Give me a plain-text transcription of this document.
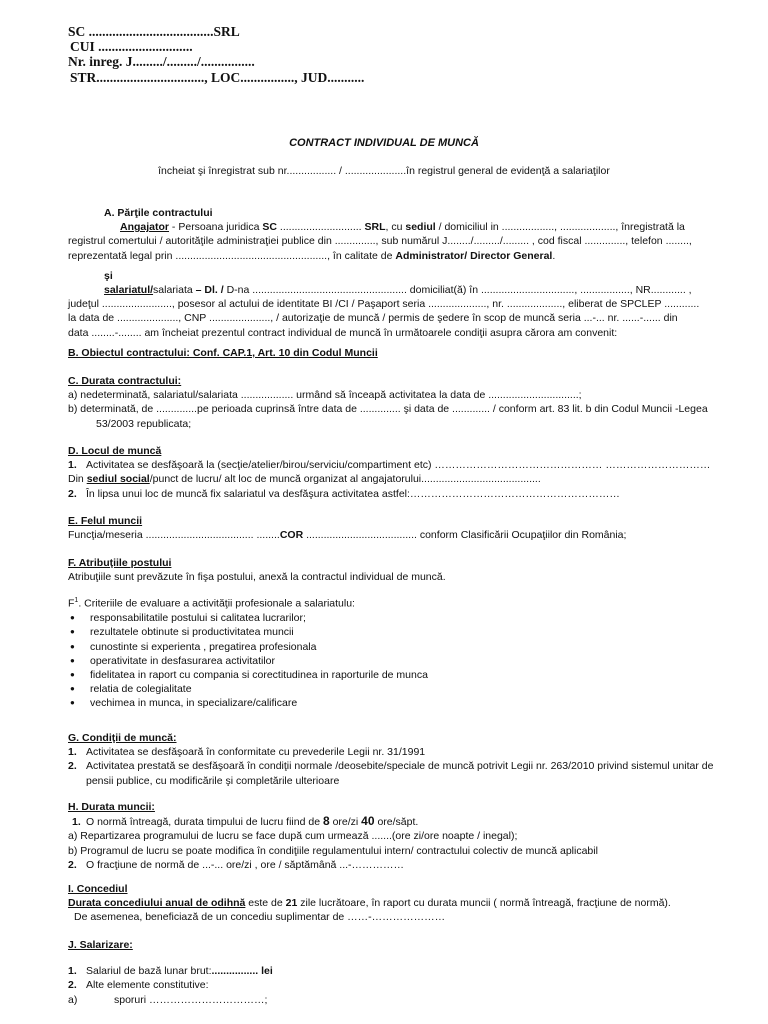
SC .....................................SRL
CUI ............................
Nr. inreg. J........./........./................
STR................................, LOC................, JUD...........
CONTRACT INDIVIDUAL DE MUNCĂ
încheiat şi înregistrat sub nr................. / .....................în registrul general de evidenţă a salariaţilor

A. Părţile contractului

Angajator - Persoana juridica SC ............................ SRL, cu sediul / domiciliul in .................., ..................., înregistrată la

registrul comertului / autorităţile administraţiei publice din .............., sub numărul J......../........./......... , cod fiscal .............., telefon ........,

reprezentată legal prin ...................................................., în calitate de Administrator/ Director General.

şi

salariatul/salariata – Dl. / D-na ..................................................... domiciliat(ă) în ................................, ................., NR............ ,

judeţul ........................, posesor al actului de identitate BI /CI / Paşaport seria ...................., nr. ..................., eliberat de SPCLEP ............

la data de ....................., CNP ....................., / autorizaţie de muncă / permis de şedere în scop de muncă seria ...-... nr. ......-...... din

data ........-........ am încheiat prezentul contract individual de muncă în următoarele condiţii asupra cărora am convenit:

B. Obiectul contractului: Conf. CAP.1, Art. 10 din Codul Muncii

C. Durata contractului:

a) nedeterminată, salariatul/salariata .................. urmând să înceapă activitatea la data de ...............................;

b) determinată, de ..............pe perioada cuprinsă între data de .............. şi data de ............. / conform art. 83 lit. b din Codul Muncii -Legea

53/2003 republicata;

D. Locul de muncă

1. Activitatea se desfăşoară la (secţie/atelier/birou/serviciu/compartiment etc) ………………………………………… …………………………

Din sediul social/punct de lucru/ alt loc de muncă organizat al angajatorului.........................................

2. În lipsa unui loc de muncă fix salariatul va desfăşura activitatea astfel:……………………………………………………

E. Felul muncii

Funcţia/meseria ..................................... ........COR ...................................... conform Clasificării Ocupaţiilor din România;

F. Atribuţiile postului

Atribuţiile sunt prevăzute în fişa postului, anexă la contractul individual de muncă.

$F^1$. Criteriile de evaluare a activităţii profesionale a salariatulu:

● responsabilitatile postului si calitatea lucrarilor;

● rezultatele obtinute si productivitatea muncii

● cunostinte si experienta , pregatirea profesionala

● operativitate in desfasurarea activitatilor

● fidelitatea in raport cu compania si corectitudinea in raporturile de munca

● relatia de colegialitate

● vechimea in munca, in specializare/calificare

G. Condiţii de muncă:

1. Activitatea se desfăşoară în conformitate cu prevederile Legii nr. 31/1991

2. Activitatea prestată se desfăşoară în condiţii normale /deosebite/speciale de muncă potrivit Legii nr. 263/2010 privind sistemul unitar de

pensii publice, cu modificările şi completările ulterioare

H. Durata muncii:

1. O normă întreagă, durata timpului de lucru fiind de 8 ore/zi 40 ore/săpt.

a) Repartizarea programului de lucru se face după cum urmează .......(ore zi/ore noapte / inegal);

b) Programul de lucru se poate modifica în condiţiile regulamentului intern/ contractului colectiv de muncă aplicabil

2. O fracţiune de normă de ...-... ore/zi , ore / săptămână ...-……………

I. Concediul

Durata concediului anual de odihnă este de 21 zile lucrătoare, în raport cu durata muncii ( normă întreagă, fracţiune de normă).

De asemenea, beneficiază de un concediu suplimentar de ……-…………………

J. Salarizare:

1. Salariul de bază lunar brut:................ lei

2. Alte elemente constitutive:

a)	sporuri ……………………………;
